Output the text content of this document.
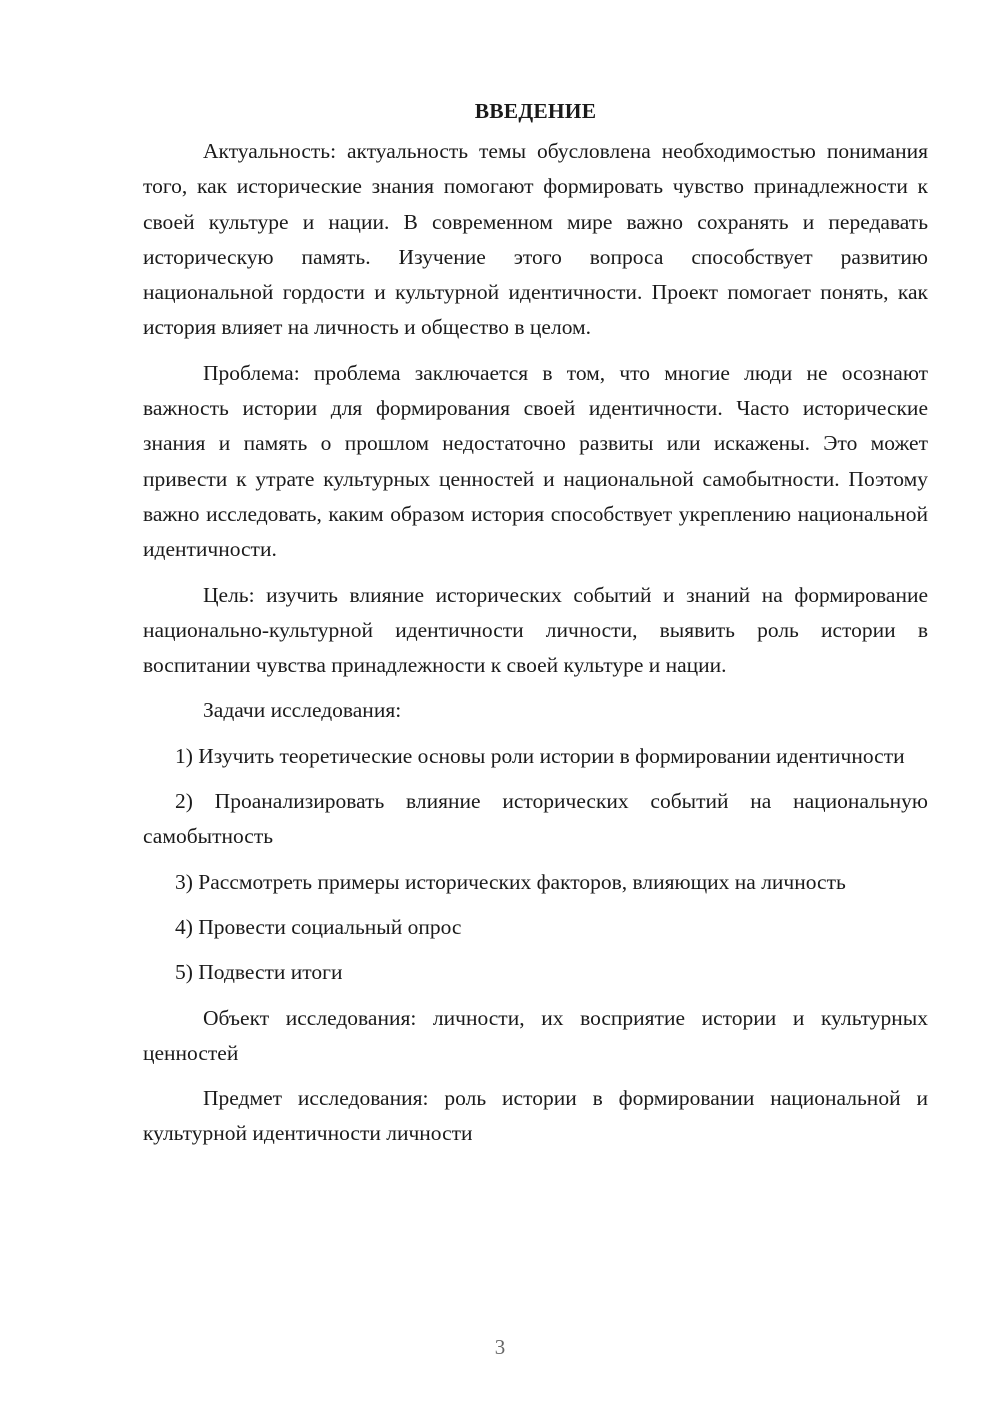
ВВЕДЕНИЕ

Актуальность: актуальность темы обусловлена необходимостью понимания того, как исторические знания помогают формировать чувство принадлежности к своей культуре и нации. В современном мире важно сохранять и передавать историческую память. Изучение этого вопроса способствует развитию национальной гордости и культурной идентичности. Проект помогает понять, как история влияет на личность и общество в целом.

Проблема: проблема заключается в том, что многие люди не осознают важность истории для формирования своей идентичности. Часто исторические знания и память о прошлом недостаточно развиты или искажены. Это может привести к утрате культурных ценностей и национальной самобытности. Поэтому важно исследовать, каким образом история способствует укреплению национальной идентичности.

Цель: изучить влияние исторических событий и знаний на формирование национально-культурной идентичности личности, выявить роль истории в воспитании чувства принадлежности к своей культуре и нации.

Задачи исследования:

1) Изучить теоретические основы роли истории в формировании идентичности

2) Проанализировать влияние исторических событий на национальную самобытность

3) Рассмотреть примеры исторических факторов, влияющих на личность

4) Провести социальный опрос

5) Подвести итоги

Объект исследования: личности, их восприятие истории и культурных ценностей

Предмет исследования: роль истории в формировании национальной и культурной идентичности личности

3
